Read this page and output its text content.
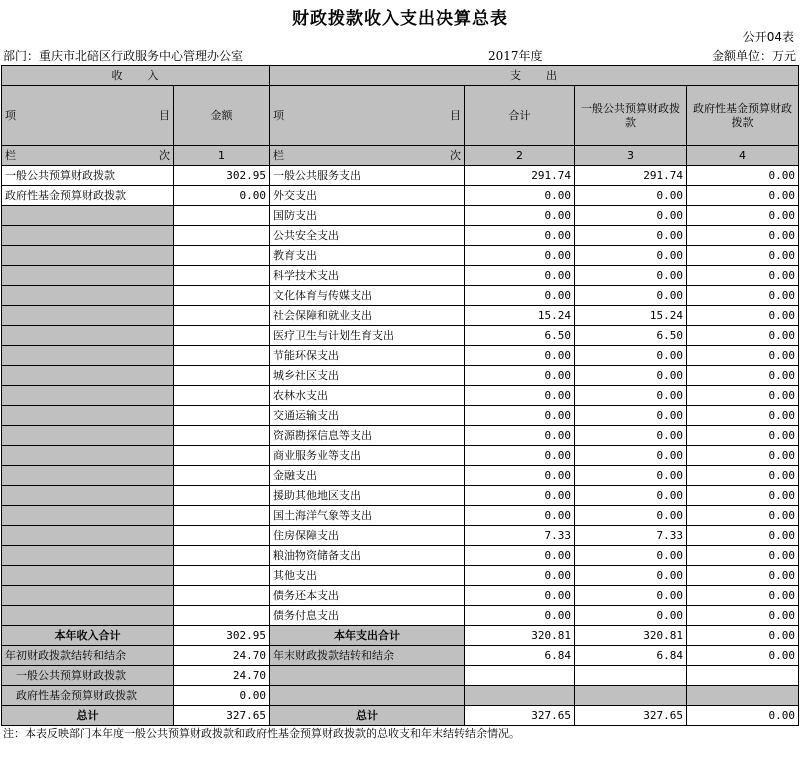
财政拨款收入支出决算总表
公开04表
部门：重庆市北碚区行政服务中心管理办公室	2017年度	金额单位：万元
收　　入		支　　出			

项 目	金额	项 目	合计	一般公共预算财政拨款	政府性基金预算财政拨款

栏 次	1	栏 次	2	3	4
一般公共预算财政拨款	302.95	一般公共服务支出	291.74	291.74	0.00
政府性基金预算财政拨款	0.00	外交支出	0.00	0.00	0.00
		国防支出	0.00	0.00	0.00
		公共安全支出	0.00	0.00	0.00
		教育支出	0.00	0.00	0.00
		科学技术支出	0.00	0.00	0.00
		文化体育与传媒支出	0.00	0.00	0.00
		社会保障和就业支出	15.24	15.24	0.00
		医疗卫生与计划生育支出	6.50	6.50	0.00
		节能环保支出	0.00	0.00	0.00
		城乡社区支出	0.00	0.00	0.00
		农林水支出	0.00	0.00	0.00
		交通运输支出	0.00	0.00	0.00
		资源勘探信息等支出	0.00	0.00	0.00
		商业服务业等支出	0.00	0.00	0.00
		金融支出	0.00	0.00	0.00
		援助其他地区支出	0.00	0.00	0.00
		国土海洋气象等支出	0.00	0.00	0.00
		住房保障支出	7.33	7.33	0.00
		粮油物资储备支出	0.00	0.00	0.00
		其他支出	0.00	0.00	0.00
		债务还本支出	0.00	0.00	0.00
		债务付息支出	0.00	0.00	0.00
本年收入合计	302.95	本年支出合计	320.81	320.81	0.00
年初财政拨款结转和结余	24.70	年末财政拨款结转和结余	6.84	6.84	0.00
一般公共预算财政拨款	24.70				
政府性基金预算财政拨款	0.00				
总计	327.65	总计	327.65	327.65	0.00
注：本表反映部门本年度一般公共预算财政拨款和政府性基金预算财政拨款的总收支和年末结转结余情况。
